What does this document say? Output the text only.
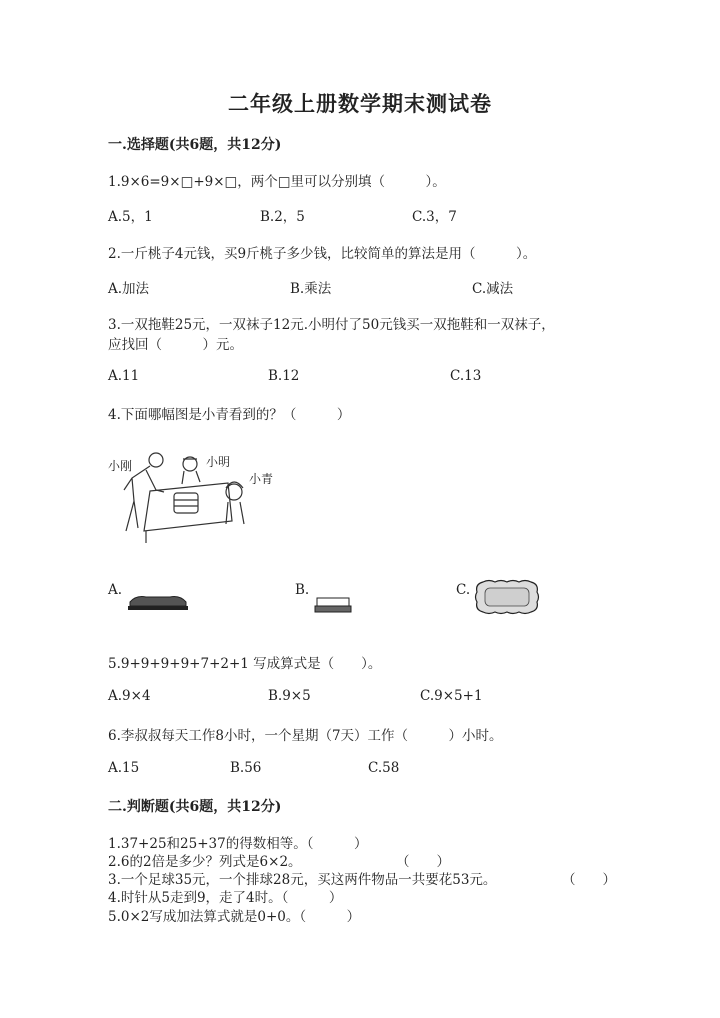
二年级上册数学期末测试卷
一.选择题(共6题，共12分)
1.9×6=9×□+9×□，两个□里可以分别填（　　　）。
A.5，1	B.2，5	C.3，7
2.一斤桃子4元钱，买9斤桃子多少钱，比较简单的算法是用（　　　）。
A.加法	B.乘法	C.减法
3.一双拖鞋25元，一双袜子12元.小明付了50元钱买一双拖鞋和一双袜子，
应找回（　　　）元。
A.11	B.12	C.13
4.下面哪幅图是小青看到的？（　　　）
小刚	小明
小青
A.	B.	C.
5.9+9+9+9+7+2+1 写成算式是（　　）。
A.9×4	B.9×5	C.9×5+1
6.李叔叔每天工作8小时，一个星期（7天）工作（　　　）小时。
A.15	B.56	C.58
二.判断题(共6题，共12分)
1.37+25和25+37的得数相等。（　　　）
2.6的2倍是多少？列式是6×2。	（　　）
3.一个足球35元，一个排球28元，买这两件物品一共要花53元。	（　　）
4.时针从5走到9，走了4时。（　　　）
5.0×2写成加法算式就是0+0。（　　　）
